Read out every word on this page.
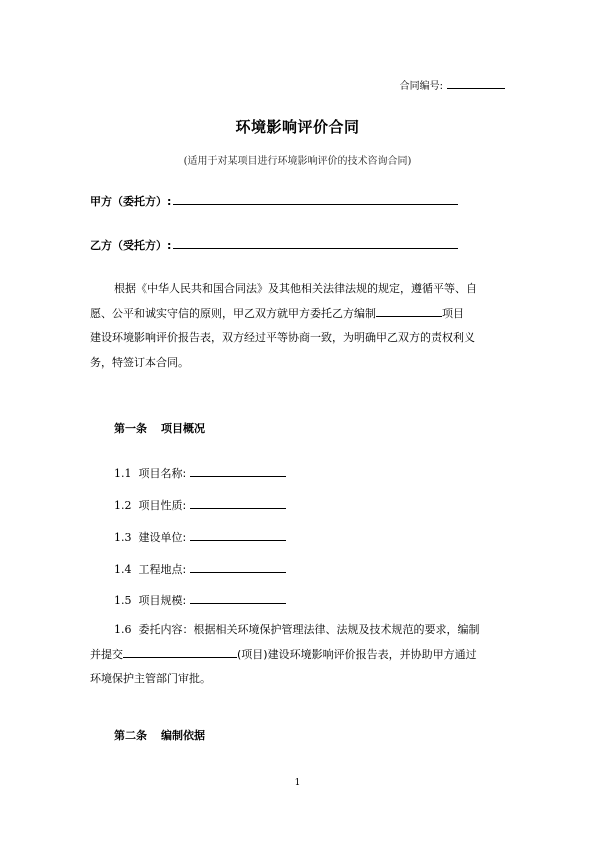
合同编号:
环境影响评价合同
(适用于对某项目进行环境影响评价的技术咨询合同)
甲方（委托方）:
乙方（受托方）:
根据《中华人民共和国合同法》及其他相关法律法规的规定，遵循平等、自
愿、公平和诚实守信的原则，甲乙双方就甲方委托乙方编制	项目
建设环境影响评价报告表，双方经过平等协商一致，为明确甲乙双方的责权利义
务，特签订本合同。
第一条 项目概况
1.1 项目名称:
1.2 项目性质:
1.3 建设单位:
1.4 工程地点:
1.5 项目规模:
1.6 委托内容：根据相关环境保护管理法律、法规及技术规范的要求，编制
并提交	(项目)建设环境影响评价报告表，并协助甲方通过
环境保护主管部门审批。
第二条 编制依据
1
